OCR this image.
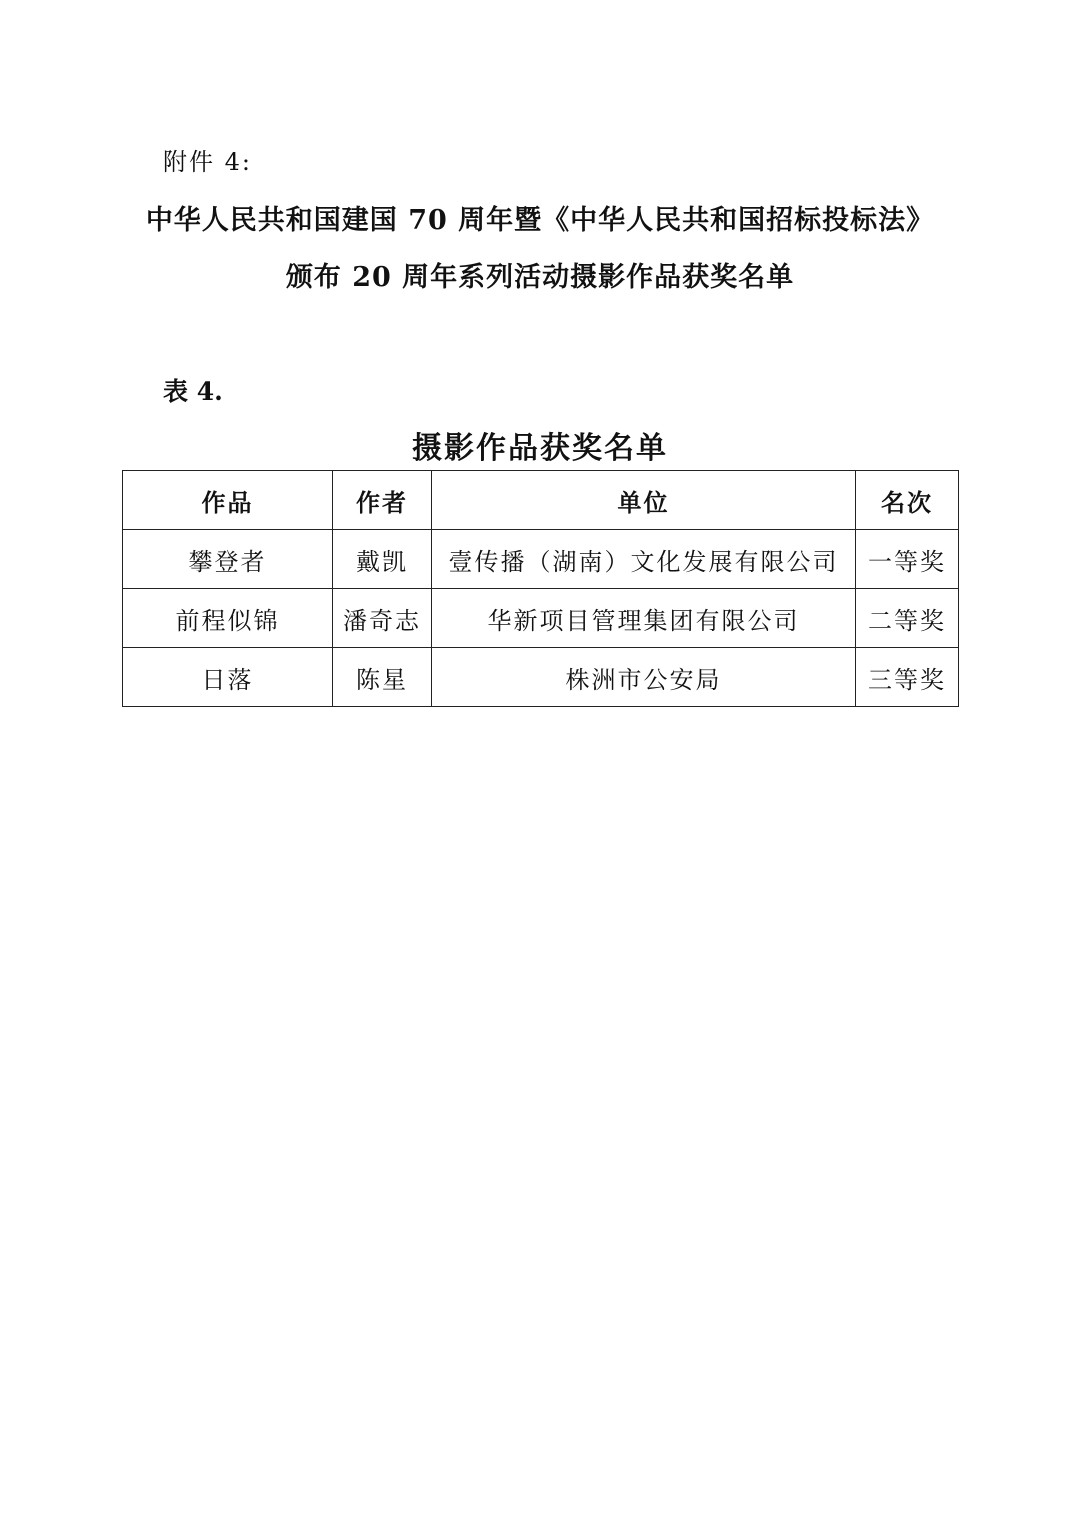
附件 4:
中华人民共和国建国 70 周年暨《中华人民共和国招标投标法》
颁布 20 周年系列活动摄影作品获奖名单
表 4.
摄影作品获奖名单
作品	作者	单位	名次
攀登者	戴凯	壹传播（湖南）文化发展有限公司	一等奖
前程似锦	潘奇志	华新项目管理集团有限公司	二等奖
日落	陈星	株洲市公安局	三等奖
